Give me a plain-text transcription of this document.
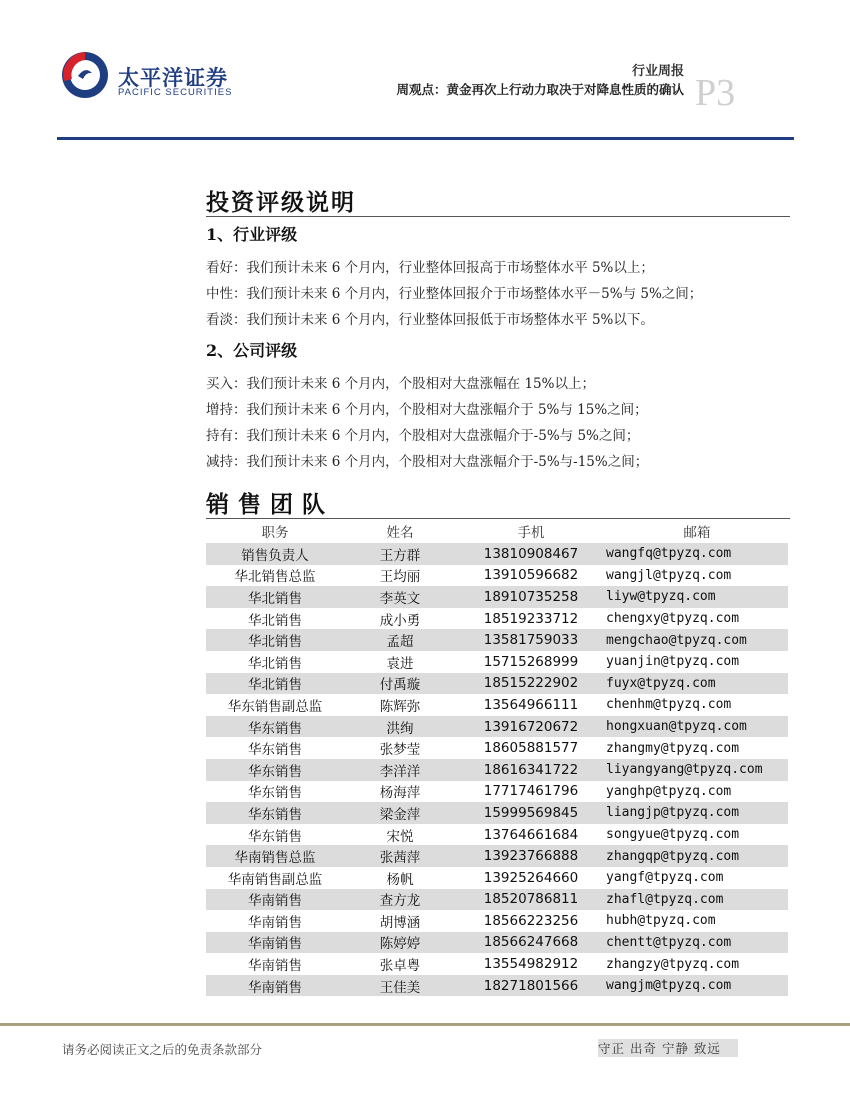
太平洋证券
PACIFIC SECURITIES
行业周报
周观点：黄金再次上行动力取决于对降息性质的确认 P3
投资评级说明
1、行业评级
看好：我们预计未来 6 个月内，行业整体回报高于市场整体水平 5%以上；
中性：我们预计未来 6 个月内，行业整体回报介于市场整体水平－5%与 5%之间；
看淡：我们预计未来 6 个月内，行业整体回报低于市场整体水平 5%以下。
2、公司评级
买入：我们预计未来 6 个月内，个股相对大盘涨幅在 15%以上；
增持：我们预计未来 6 个月内，个股相对大盘涨幅介于 5%与 15%之间；
持有：我们预计未来 6 个月内，个股相对大盘涨幅介于-5%与 5%之间；
减持：我们预计未来 6 个月内，个股相对大盘涨幅介于-5%与-15%之间；
销售团队
职务	姓名	手机	邮箱
销售负责人	王方群	13810908467	wangfq@tpyzq.com
华北销售总监	王均丽	13910596682	wangjl@tpyzq.com
华北销售	李英文	18910735258	liyw@tpyzq.com
华北销售	成小勇	18519233712	chengxy@tpyzq.com
华北销售	孟超	13581759033	mengchao@tpyzq.com
华北销售	袁进	15715268999	yuanjin@tpyzq.com
华北销售	付禹璇	18515222902	fuyx@tpyzq.com
华东销售副总监	陈辉弥	13564966111	chenhm@tpyzq.com
华东销售	洪绚	13916720672	hongxuan@tpyzq.com
华东销售	张梦莹	18605881577	zhangmy@tpyzq.com
华东销售	李洋洋	18616341722	liyangyang@tpyzq.com
华东销售	杨海萍	17717461796	yanghp@tpyzq.com
华东销售	梁金萍	15999569845	liangjp@tpyzq.com
华东销售	宋悦	13764661684	songyue@tpyzq.com
华南销售总监	张茜萍	13923766888	zhangqp@tpyzq.com
华南销售副总监	杨帆	13925264660	yangf@tpyzq.com
华南销售	查方龙	18520786811	zhafl@tpyzq.com
华南销售	胡博涵	18566223256	hubh@tpyzq.com
华南销售	陈婷婷	18566247668	chentt@tpyzq.com
华南销售	张卓粤	13554982912	zhangzy@tpyzq.com
华南销售	王佳美	18271801566	wangjm@tpyzq.com
请务必阅读正文之后的免责条款部分	守正 出奇 宁静 致远
